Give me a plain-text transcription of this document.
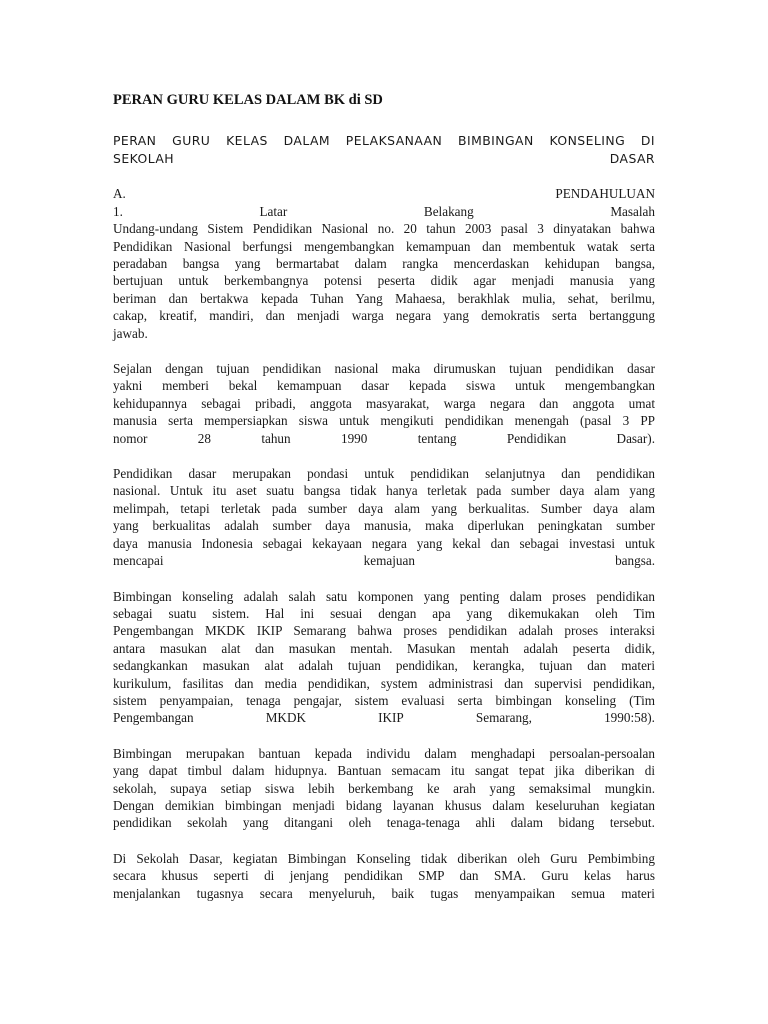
PERAN GURU KELAS DALAM BK di SD
PERAN GURU KELAS DALAM PELAKSANAAN BIMBINGAN KONSELING DI
SEKOLAH	DASAR
A.	PENDAHULUAN
1.	Latar	Belakang	Masalah

Undang-undang Sistem Pendidikan Nasional no. 20 tahun 2003 pasal 3 dinyatakan bahwa
Pendidikan Nasional berfungsi mengembangkan kemampuan dan membentuk watak serta
peradaban bangsa yang bermartabat dalam rangka mencerdaskan kehidupan bangsa,
bertujuan untuk berkembangnya potensi peserta didik agar menjadi manusia yang
beriman dan bertakwa kepada Tuhan Yang Mahaesa, berakhlak mulia, sehat, berilmu,
cakap, kreatif, mandiri, dan menjadi warga negara yang demokratis serta bertanggung
jawab.

Sejalan dengan tujuan pendidikan nasional maka dirumuskan tujuan pendidikan dasar
yakni memberi bekal kemampuan dasar kepada siswa untuk mengembangkan
kehidupannya sebagai pribadi, anggota masyarakat, warga negara dan anggota umat
manusia serta mempersiapkan siswa untuk mengikuti pendidikan menengah (pasal 3 PP
nomor	28	tahun	1990	tentang	Pendidikan	Dasar).

Pendidikan dasar merupakan pondasi untuk pendidikan selanjutnya dan pendidikan
nasional. Untuk itu aset suatu bangsa tidak hanya terletak pada sumber daya alam yang
melimpah, tetapi terletak pada sumber daya alam yang berkualitas. Sumber daya alam
yang berkualitas adalah sumber daya manusia, maka diperlukan peningkatan sumber
daya manusia Indonesia sebagai kekayaan negara yang kekal dan sebagai investasi untuk
mencapai	kemajuan	bangsa.

Bimbingan konseling adalah salah satu komponen yang penting dalam proses pendidikan
sebagai suatu sistem. Hal ini sesuai dengan apa yang dikemukakan oleh Tim
Pengembangan MKDK IKIP Semarang bahwa proses pendidikan adalah proses interaksi
antara masukan alat dan masukan mentah. Masukan mentah adalah peserta didik,
sedangkankan masukan alat adalah tujuan pendidikan, kerangka, tujuan dan materi
kurikulum, fasilitas dan media pendidikan, system administrasi dan supervisi pendidikan,
sistem penyampaian, tenaga pengajar, sistem evaluasi serta bimbingan konseling (Tim
Pengembangan	MKDK	IKIP	Semarang,	1990:58).

Bimbingan merupakan bantuan kepada individu dalam menghadapi persoalan-persoalan
yang dapat timbul dalam hidupnya. Bantuan semacam itu sangat tepat jika diberikan di
sekolah, supaya setiap siswa lebih berkembang ke arah yang semaksimal mungkin.
Dengan demikian bimbingan menjadi bidang layanan khusus dalam keseluruhan kegiatan
pendidikan sekolah yang ditangani oleh tenaga-tenaga ahli dalam bidang tersebut.

Di Sekolah Dasar, kegiatan Bimbingan Konseling tidak diberikan oleh Guru Pembimbing
secara khusus seperti di jenjang pendidikan SMP dan SMA. Guru kelas harus
menjalankan tugasnya secara menyeluruh, baik tugas menyampaikan semua materi
